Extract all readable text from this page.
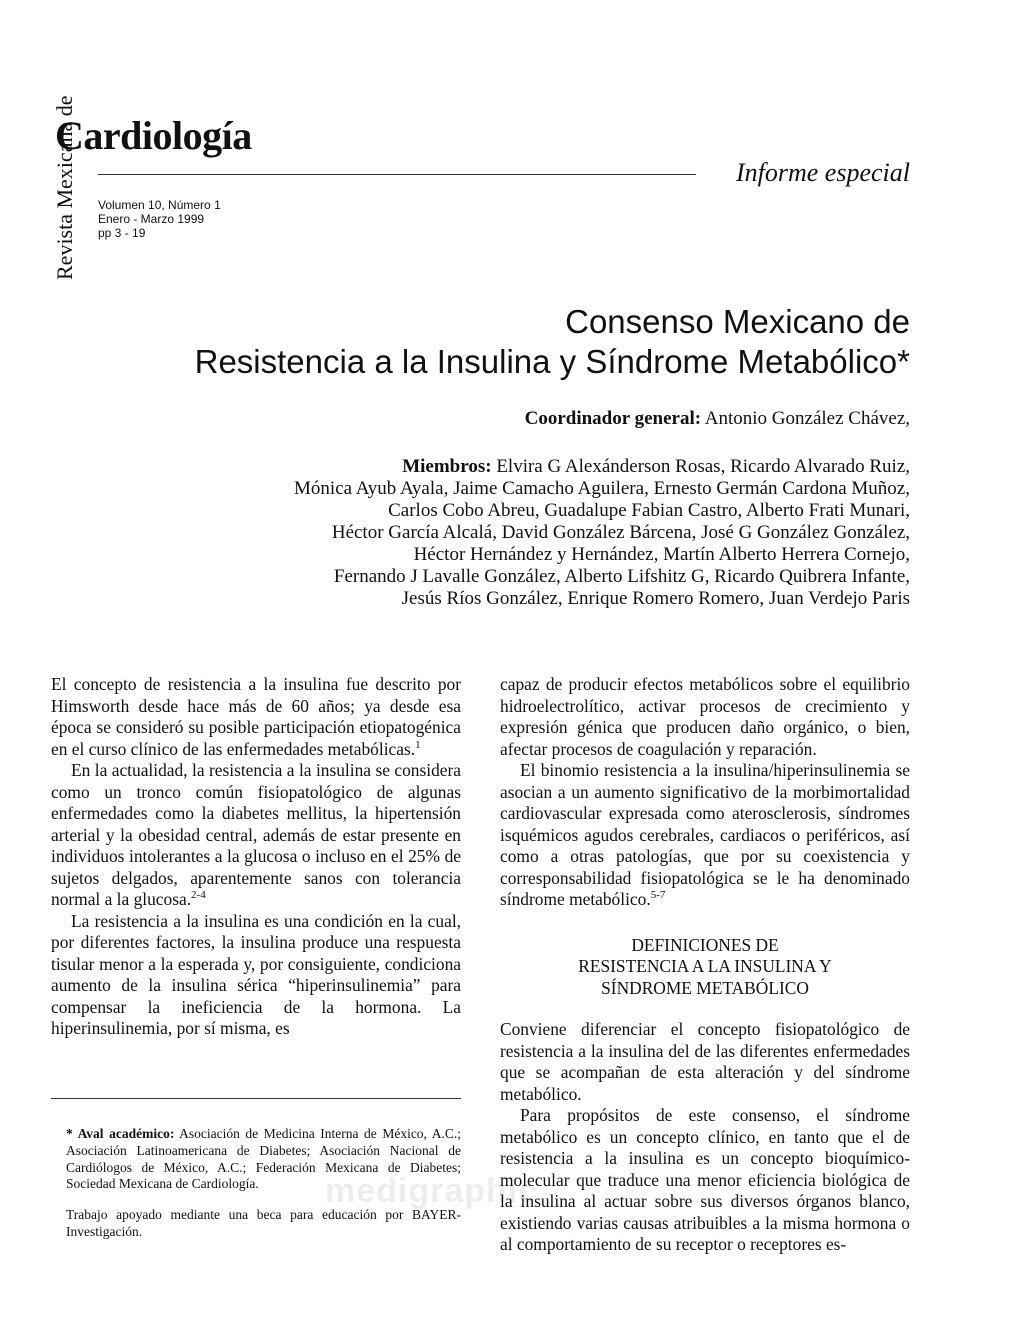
Cardiología
Revista Mexicana de Volumen 10, Número 1
Enero - Marzo 1999
pp 3 - 19
Informe especial
Consenso Mexicano de
Resistencia a la Insulina y Síndrome Metabólico*
Coordinador general: Antonio González Chávez,
Miembros: Elvira G Alexánderson Rosas, Ricardo Alvarado Ruiz,
Mónica Ayub Ayala, Jaime Camacho Aguilera, Ernesto Germán Cardona Muñoz,
Carlos Cobo Abreu, Guadalupe Fabian Castro, Alberto Frati Munari,
Héctor García Alcalá, David González Bárcena, José G González González,
Héctor Hernández y Hernández, Martín Alberto Herrera Cornejo,
Fernando J Lavalle González, Alberto Lifshitz G, Ricardo Quibrera Infante,
Jesús Ríos González, Enrique Romero Romero, Juan Verdejo Paris

El concepto de resistencia a la insulina fue descrito por Himsworth desde hace más de 60 años; ya desde esa época se consideró su posible participación etiopatogénica en el curso clínico de las enfermedades metabólicas.$^1$

En la actualidad, la resistencia a la insulina se considera como un tronco común fisiopatológico de algunas enfermedades como la diabetes mellitus, la hipertensión arterial y la obesidad central, además de estar presente en individuos intolerantes a la glucosa o incluso en el 25% de sujetos delgados, aparentemente sanos con tolerancia normal a la glucosa.$^{2-4}$

La resistencia a la insulina es una condición en la cual, por diferentes factores, la insulina produce una respuesta tisular menor a la esperada y, por consiguiente, condiciona aumento de la insulina sérica “hiperinsulinemia” para compensar la ineficiencia de la hormona. La hiperinsulinemia, por sí misma, es

capaz de producir efectos metabólicos sobre el equilibrio hidroelectrolítico, activar procesos de crecimiento y expresión génica que producen daño orgánico, o bien, afectar procesos de coagulación y reparación.

El binomio resistencia a la insulina/hiperinsulinemia se asocian a un aumento significativo de la morbimortalidad cardiovascular expresada como aterosclerosis, síndromes isquémicos agudos cerebrales, cardiacos o periféricos, así como a otras patologías, que por su coexistencia y corresponsabilidad fisiopatológica se le ha denominado síndrome metabólico.$^{5-7}$

DEFINICIONES DE
RESISTENCIA A LA INSULINA Y
SÍNDROME METABÓLICO

Conviene diferenciar el concepto fisiopatológico de resistencia a la insulina del de las diferentes enfermedades que se acompañan de esta alteración y del síndrome metabólico.

Para propósitos de este consenso, el síndrome metabólico es un concepto clínico, en tanto que el de resistencia a la insulina es un concepto bioquímico-molecular que traduce una menor eficiencia biológica de la insulina al actuar sobre sus diversos órganos blanco, existiendo varias causas atribuibles a la misma hormona o al comportamiento de su receptor o receptores es-

* Aval académico: Asociación de Medicina Interna de México, A.C.; Asociación Latinoamericana de Diabetes; Asociación Nacional de Cardiólogos de México, A.C.; Federación Mexicana de Diabetes; Sociedad Mexicana de Cardiología.

Trabajo apoyado mediante una beca para educación por BAYER-Investigación.

medigraphic
